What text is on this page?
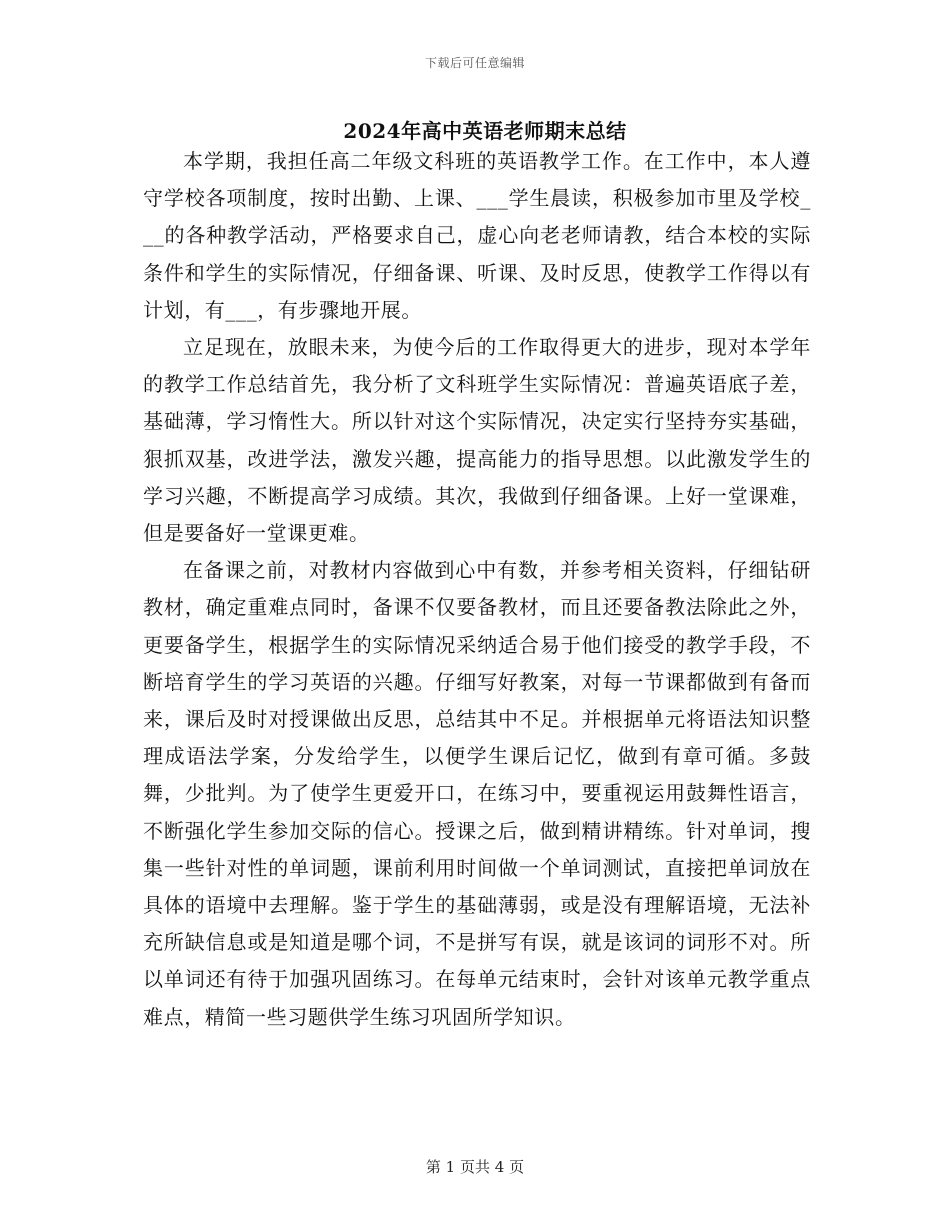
下载后可任意编辑
2024年高中英语老师期末总结

本学期，我担任高二年级文科班的英语教学工作。在工作中，本人遵守学校各项制度，按时出勤、上课、___学生晨读，积极参加市里及学校___的各种教学活动，严格要求自己，虚心向老老师请教，结合本校的实际条件和学生的实际情况，仔细备课、听课、及时反思，使教学工作得以有计划，有___，有步骤地开展。

立足现在，放眼未来，为使今后的工作取得更大的进步，现对本学年的教学工作总结首先，我分析了文科班学生实际情况：普遍英语底子差，基础薄，学习惰性大。所以针对这个实际情况，决定实行坚持夯实基础，狠抓双基，改进学法，激发兴趣，提高能力的指导思想。以此激发学生的学习兴趣，不断提高学习成绩。其次，我做到仔细备课。上好一堂课难，但是要备好一堂课更难。

在备课之前，对教材内容做到心中有数，并参考相关资料，仔细钻研教材，确定重难点同时，备课不仅要备教材，而且还要备教法除此之外，更要备学生，根据学生的实际情况采纳适合易于他们接受的教学手段，不断培育学生的学习英语的兴趣。仔细写好教案，对每一节课都做到有备而来，课后及时对授课做出反思，总结其中不足。并根据单元将语法知识整理成语法学案，分发给学生，以便学生课后记忆，做到有章可循。多鼓舞，少批判。为了使学生更爱开口，在练习中，要重视运用鼓舞性语言，不断强化学生参加交际的信心。授课之后，做到精讲精练。针对单词，搜集一些针对性的单词题，课前利用时间做一个单词测试，直接把单词放在具体的语境中去理解。鉴于学生的基础薄弱，或是没有理解语境，无法补充所缺信息或是知道是哪个词，不是拼写有误，就是该词的词形不对。所以单词还有待于加强巩固练习。在每单元结束时，会针对该单元教学重点难点，精简一些习题供学生练习巩固所学知识。

第 1 页共 4 页
